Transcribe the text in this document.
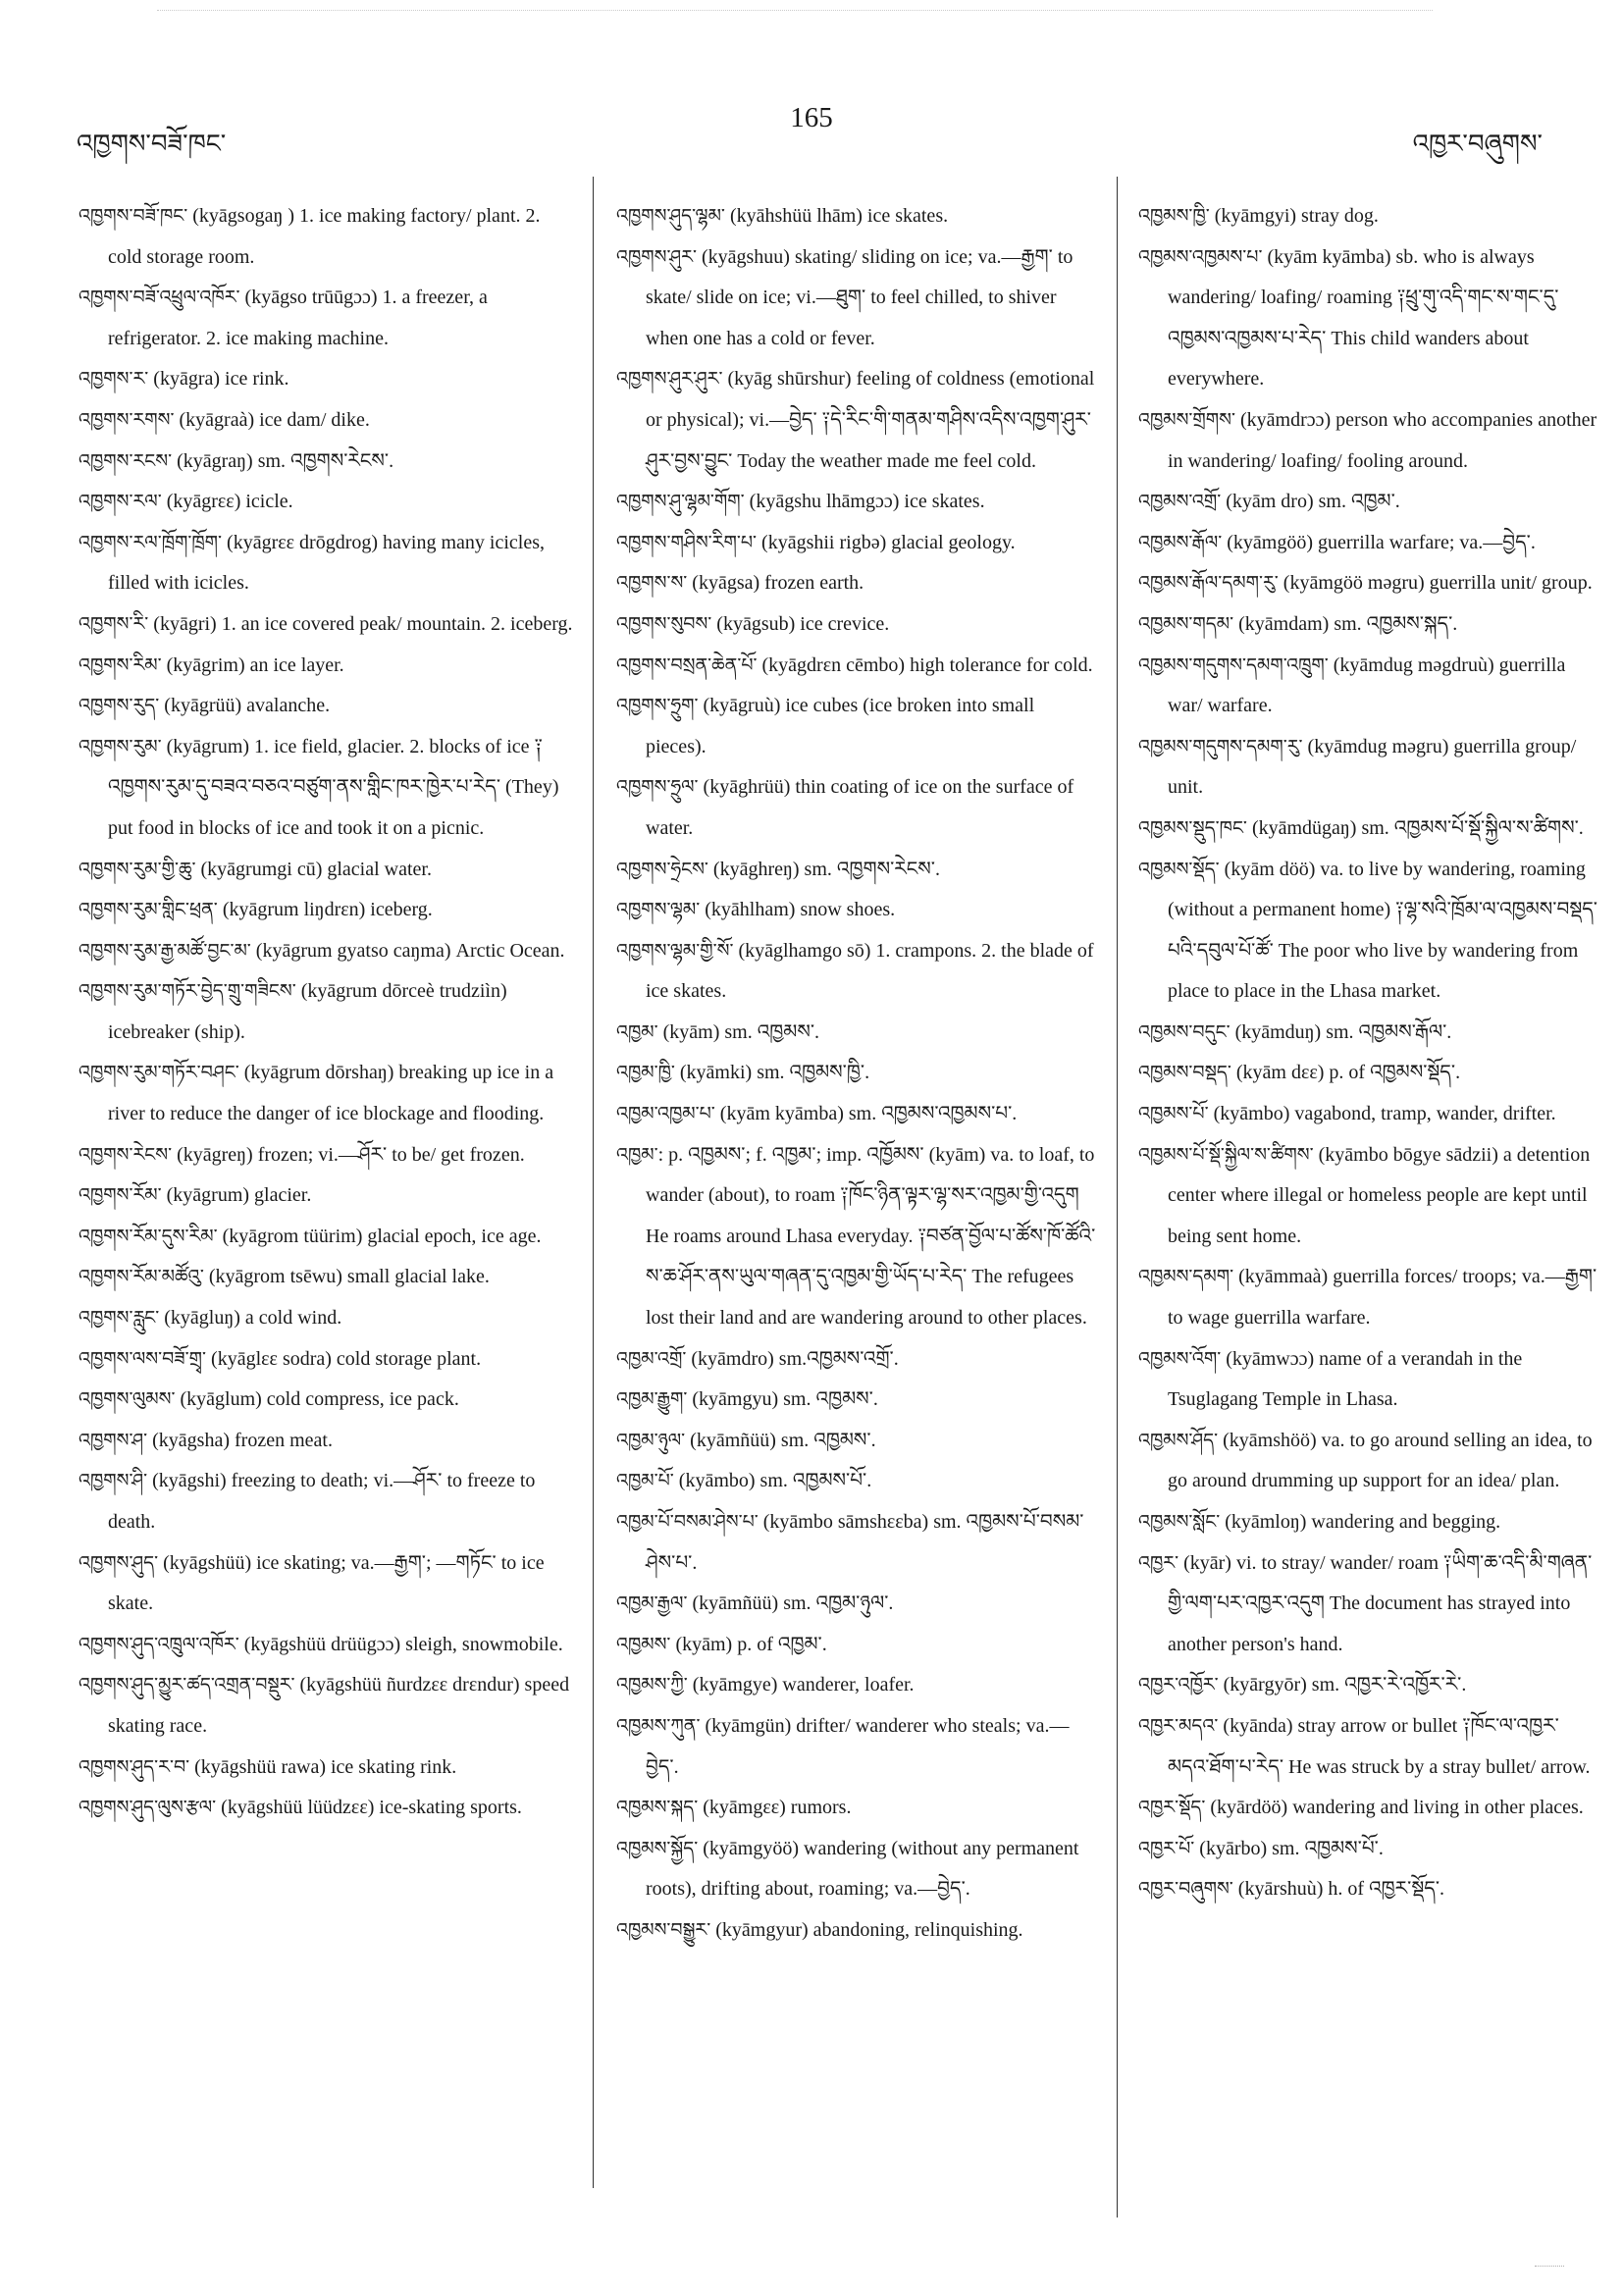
འཁྱགས་བཟོ་ཁང་
165
འཁྱར་བཞུགས་

འཁྱགས་བཟོ་ཁང་ (kyāgsogaŋ ) 1. ice making factory/ plant. 2. cold storage room.

འཁྱགས་བཟོ་འཕྲུལ་འཁོར་ (kyāgso trūūgɔɔ) 1. a freezer, a refrigerator. 2. ice making machine.

འཁྱགས་ར་ (kyāgra) ice rink.

འཁྱགས་རགས་ (kyāgraà) ice dam/ dike.

འཁྱགས་རངས་ (kyāgraŋ) sm. འཁྱགས་རེངས་.

འཁྱགས་རལ་ (kyāgrɛɛ) icicle.

འཁྱགས་རལ་ཁྲོག་ཁྲོག་ (kyāgrɛɛ drōgdrog) having many icicles, filled with icicles.

འཁྱགས་རི་ (kyāgri) 1. an ice covered peak/ mountain. 2. iceberg.

འཁྱགས་རིམ་ (kyāgrim) an ice layer.

འཁྱགས་རུད་ (kyāgrüü) avalanche.

འཁྱགས་རུམ་ (kyāgrum) 1. ice field, glacier. 2. blocks of ice ༑འཁྱགས་རུམ་དུ་བཟའ་བཅའ་བཙུག་ནས་གླིང་ཁར་ཁྱེར་པ་རེད་ (They) put food in blocks of ice and took it on a picnic.

འཁྱགས་རུམ་གྱི་ཆུ་ (kyāgrumgi cū) glacial water.

འཁྱགས་རུམ་གླིང་ཕྲན་ (kyāgrum liŋdrɛn) iceberg.

འཁྱགས་རུམ་རྒྱ་མཚོ་བྱང་མ་ (kyāgrum gyatso caŋma) Arctic Ocean.

འཁྱགས་རུམ་གཏོར་བྱེད་གྲུ་གཟིངས་ (kyāgrum dōrceè trudziìn) icebreaker (ship).

འཁྱགས་རུམ་གཏོར་བཤང་ (kyāgrum dōrshaŋ) breaking up ice in a river to reduce the danger of ice blockage and flooding.

འཁྱགས་རེངས་ (kyāgreŋ) frozen; vi.—ཤོར་ to be/ get frozen.

འཁྱགས་རོམ་ (kyāgrum) glacier.

འཁྱགས་རོམ་དུས་རིམ་ (kyāgrom tüürim) glacial epoch, ice age.

འཁྱགས་རོམ་མཚོའུ་ (kyāgrom tsēwu) small glacial lake.

འཁྱགས་རླུང་ (kyāgluŋ) a cold wind.

འཁྱགས་ལས་བཟོ་གྲྭ་ (kyāglɛɛ sodra) cold storage plant.

འཁྱགས་ལུམས་ (kyāglum) cold compress, ice pack.

འཁྱགས་ཤ་ (kyāgsha) frozen meat.

འཁྱགས་ཤི་ (kyāgshi) freezing to death; vi.—ཤོར་ to freeze to death.

འཁྱགས་ཤུད་ (kyāgshüü) ice skating; va.—རྒྱག་; —གཏོང་ to ice skate.

འཁྱགས་ཤུད་འཁྲུལ་འཁོར་ (kyāgshüü drüügɔɔ) sleigh, snowmobile.

འཁྱགས་ཤུད་མྱུར་ཚད་འགྲན་བསྡུར་ (kyāgshüü ñurdzɛɛ drɛndur) speed skating race.

འཁྱགས་ཤུད་ར་བ་ (kyāgshüü rawa) ice skating rink.

འཁྱགས་ཤུད་ལུས་རྩལ་ (kyāgshüü lüüdzɛɛ) ice-skating sports.

འཁྱགས་ཤུད་ལྷམ་ (kyāhshüü lhām) ice skates.

འཁྱགས་ཤུར་ (kyāgshuu) skating/ sliding on ice; va.—རྒྱག་ to skate/ slide on ice; vi.—ཐུག་ to feel chilled, to shiver when one has a cold or fever.

འཁྱགས་ཤུར་ཤུར་ (kyāg shūrshur) feeling of coldness (emotional or physical); vi.—བྱེད་ ༑དེ་རིང་གི་གནམ་གཤིས་འདིས་འཁྱག་ཤུར་ཤུར་བྱས་བྱུང་ Today the weather made me feel cold.

འཁྱགས་ཤུ་ལྷམ་གོག་ (kyāgshu lhāmgɔɔ) ice skates.

འཁྱགས་གཤིས་རིག་པ་ (kyāgshii rigbə) glacial geology.

འཁྱགས་ས་ (kyāgsa) frozen earth.

འཁྱགས་སུབས་ (kyāgsub) ice crevice.

འཁྱགས་བསྲན་ཆེན་པོ་ (kyāgdrɛn cēmbo) high tolerance for cold.

འཁྱགས་ཧྲུག་ (kyāgruù) ice cubes (ice broken into small pieces).

འཁྱགས་ཧྲུལ་ (kyāghrüü) thin coating of ice on the surface of water.

འཁྱགས་ཧྲེངས་ (kyāghreŋ) sm. འཁྱགས་རེངས་.

འཁྱགས་ལྷམ་ (kyāhlham) snow shoes.

འཁྱགས་ལྷམ་གྱི་སོ་ (kyāglhamgo sō) 1. crampons. 2. the blade of ice skates.

འཁྱམ་ (kyām) sm. འཁྱམས་.

འཁྱམ་ཁྱི་ (kyāmki) sm. འཁྱམས་ཁྱི་.

འཁྱམ་འཁྱམ་པ་ (kyām kyāmba) sm. འཁྱམས་འཁྱམས་པ་.

འཁྱམ་: p. འཁྱམས་; f. འཁྱམ་; imp. འཁྱོམས་ (kyām) va. to loaf, to wander (about), to roam ༑ཁོང་ཉིན་ལྟར་ལྷ་སར་འཁྱམ་གྱི་འདུག He roams around Lhasa everyday. ༑བཙན་བྱོལ་པ་ཚོས་ཁོ་ཚོའི་ས་ཆ་ཤོར་ནས་ཡུལ་གཞན་དུ་འཁྱམ་གྱི་ཡོད་པ་རེད་ The refugees lost their land and are wandering around to other places.

འཁྱམ་འགྲོ་ (kyāmdro) sm.འཁྱམས་འགྲོ་.

འཁྱམ་རྒྱུག་ (kyāmgyu) sm. འཁྱམས་.

འཁྱམ་ཉུལ་ (kyāmñüü) sm. འཁྱམས་.

འཁྱམ་པོ་ (kyāmbo) sm. འཁྱམས་པོ་.

འཁྱམ་པོ་བསམ་ཤེས་པ་ (kyāmbo sāmshɛɛba) sm. འཁྱམས་པོ་བསམ་ཤེས་པ་.

འཁྱམ་རྒྱལ་ (kyāmñüü) sm. འཁྱམ་ཉུལ་.

འཁྱམས་ (kyām) p. of འཁྱམ་.

འཁྱམས་ཀྱི་ (kyāmgye) wanderer, loafer.

འཁྱམས་ཀུན་ (kyāmgün) drifter/ wanderer who steals; va.—བྱེད་.

འཁྱམས་སྐད་ (kyāmgɛɛ) rumors.

འཁྱམས་སྐྱོད་ (kyāmgyöö) wandering (without any permanent roots), drifting about, roaming; va.—བྱེད་.

འཁྱམས་བསྒྱུར་ (kyāmgyur) abandoning, relinquishing.

འཁྱམས་ཁྱི་ (kyāmgyi) stray dog.

འཁྱམས་འཁྱམས་པ་ (kyām kyāmba) sb. who is always wandering/ loafing/ roaming ༑ཕྲུ་གུ་འདི་གང་ས་གང་དུ་འཁྱམས་འཁྱམས་པ་རེད་ This child wanders about everywhere.

འཁྱམས་གྲོགས་ (kyāmdrɔɔ) person who accompanies another in wandering/ loafing/ fooling around.

འཁྱམས་འགྲོ་ (kyām dro) sm. འཁྱམ་.

འཁྱམས་རྒོལ་ (kyāmgöö) guerrilla warfare; va.—བྱེད་.

འཁྱམས་རྒོལ་དམག་རུ་ (kyāmgöö məgru) guerrilla unit/ group.

འཁྱམས་གདམ་ (kyāmdam) sm. འཁྱམས་སྐད་.

འཁྱམས་གདུགས་དམག་འཁྲུག་ (kyāmdug məgdruù) guerrilla war/ warfare.

འཁྱམས་གདུགས་དམག་རུ་ (kyāmdug məgru) guerrilla group/ unit.

འཁྱམས་སྡུད་ཁང་ (kyāmdügaŋ) sm. འཁྱམས་པོ་སྡོ་སྐྱིལ་ས་ཚིགས་.

འཁྱམས་སྡོད་ (kyām döö) va. to live by wandering, roaming (without a permanent home) ༑ལྷ་སའི་ཁྲོམ་ལ་འཁྱམས་བསྡད་པའི་དབུལ་པོ་ཚོ་ The poor who live by wandering from place to place in the Lhasa market.

འཁྱམས་བདུང་ (kyāmduŋ) sm. འཁྱམས་རྒོལ་.

འཁྱམས་བསྡད་ (kyām dɛɛ) p. of འཁྱམས་སྡོད་.

འཁྱམས་པོ་ (kyāmbo) vagabond, tramp, wander, drifter.

འཁྱམས་པོ་སྡོ་སྐྱིལ་ས་ཚིགས་ (kyāmbo bōgye sādzii) a detention center where illegal or homeless people are kept until being sent home.

འཁྱམས་དམག་ (kyāmmaà) guerrilla forces/ troops; va.—རྒྱག་ to wage guerrilla warfare.

འཁྱམས་འོག་ (kyāmwɔɔ) name of a verandah in the Tsuglagang Temple in Lhasa.

འཁྱམས་ཤོད་ (kyāmshöö) va. to go around selling an idea, to go around drumming up support for an idea/ plan.

འཁྱམས་སློང་ (kyāmloŋ) wandering and begging.

འཁྱར་ (kyār) vi. to stray/ wander/ roam ༑ཡིག་ཆ་འདི་མི་གཞན་གྱི་ལག་པར་འཁྱར་འདུག The document has strayed into another person's hand.

འཁྱར་འཁྱོར་ (kyārgyōr) sm. འཁྱར་རེ་འཁྱོར་རེ་.

འཁྱར་མདའ་ (kyānda) stray arrow or bullet ༑ཁོང་ལ་འཁྱར་མདའ་ཐོག་པ་རེད་ He was struck by a stray bullet/ arrow.

འཁྱར་སྡོད་ (kyārdöö) wandering and living in other places.

འཁྱར་པོ་ (kyārbo) sm. འཁྱམས་པོ་.

འཁྱར་བཞུགས་ (kyārshuù) h. of འཁྱར་སྡོད་.
